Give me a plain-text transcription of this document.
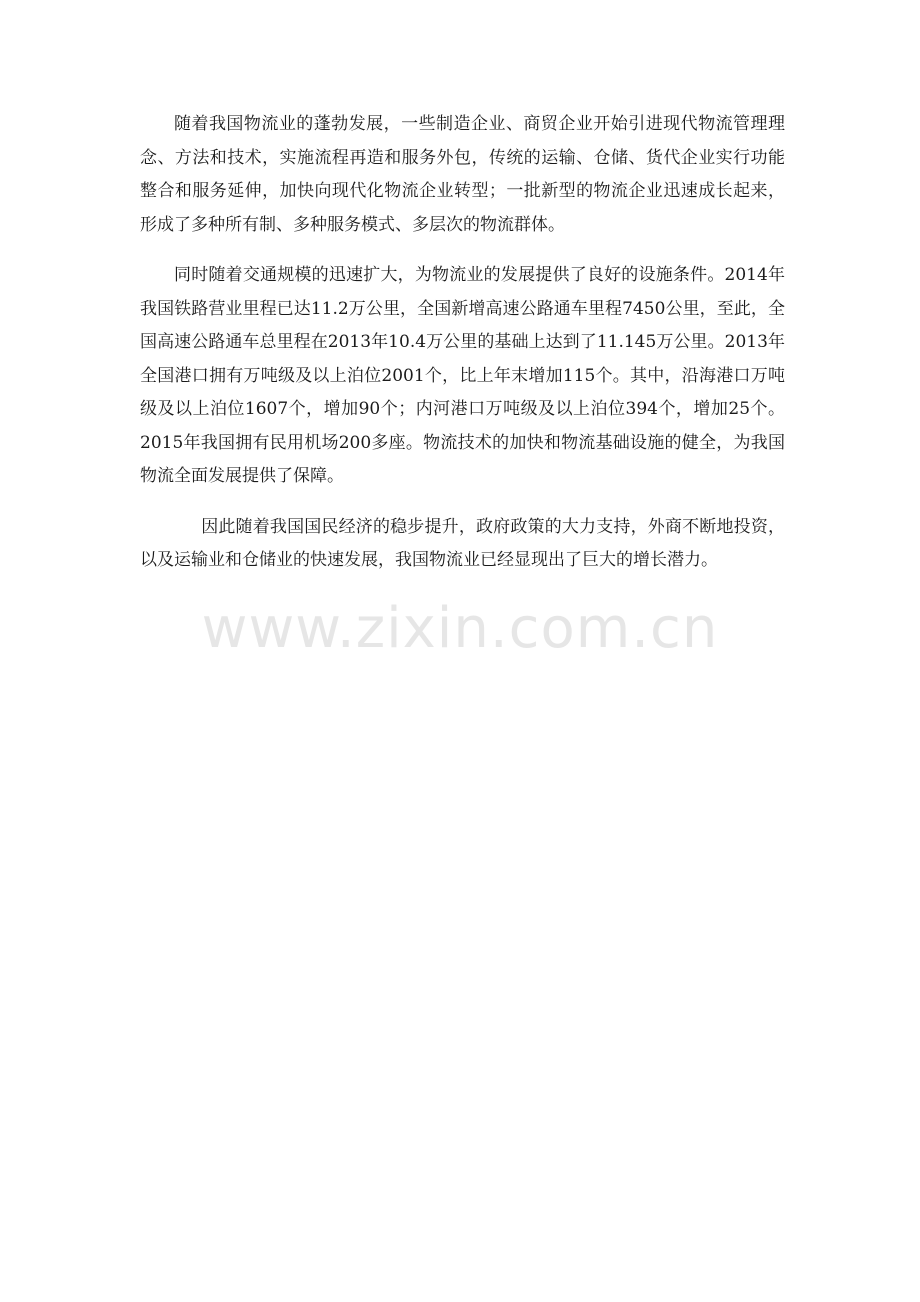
随着我国物流业的蓬勃发展，一些制造企业、商贸企业开始引进现代物流管理理念、方法和技术，实施流程再造和服务外包，传统的运输、仓储、货代企业实行功能整合和服务延伸，加快向现代化物流企业转型；一批新型的物流企业迅速成长起来，形成了多种所有制、多种服务模式、多层次的物流群体。

同时随着交通规模的迅速扩大，为物流业的发展提供了良好的设施条件。2014年我国铁路营业里程已达11.2万公里，全国新增高速公路通车里程7450公里，至此，全国高速公路通车总里程在2013年10.4万公里的基础上达到了11.145万公里。2013年全国港口拥有万吨级及以上泊位2001个，比上年末增加115个。其中，沿海港口万吨级及以上泊位1607个，增加90个；内河港口万吨级及以上泊位394个，增加25个。2015年我国拥有民用机场200多座。物流技术的加快和物流基础设施的健全，为我国物流全面发展提供了保障。

因此随着我国国民经济的稳步提升，政府政策的大力支持，外商不断地投资，以及运输业和仓储业的快速发展，我国物流业已经显现出了巨大的增长潜力。

www.zixin.com.cn
